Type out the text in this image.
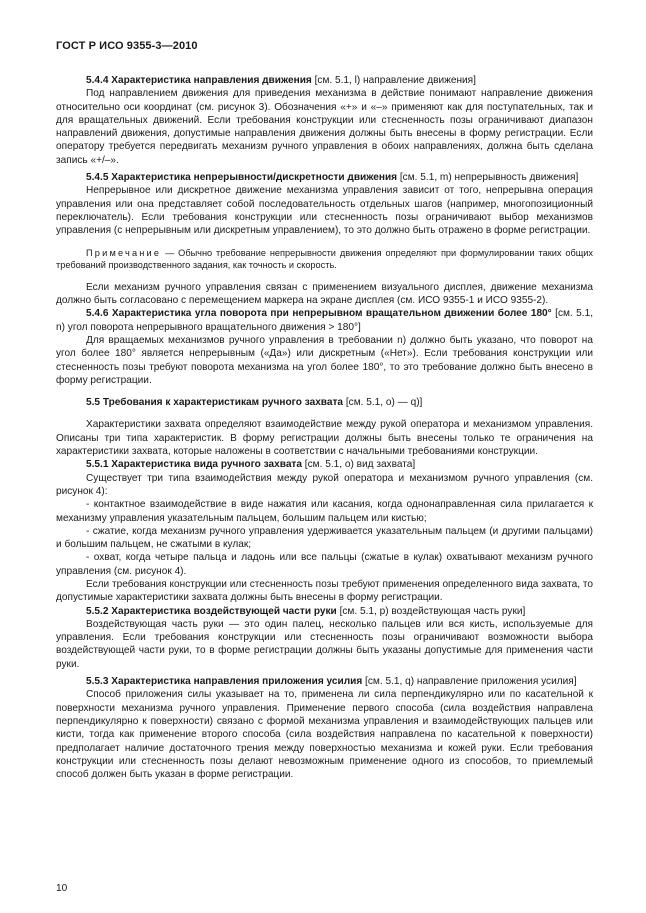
ГОСТ Р ИСО 9355-3—2010

5.4.4 Характеристика направления движения [см. 5.1, l) направление движения]

Под направлением движения для приведения механизма в действие понимают направление движения относительно оси координат (см. рисунок 3). Обозначения «+» и «–» применяют как для поступательных, так и для вращательных движений. Если требования конструкции или стесненность позы ограничивают диапазон направлений движения, допустимые направления движения должны быть внесены в форму регистрации. Если оператору требуется передвигать механизм ручного управления в обоих направлениях, должна быть сделана запись «+/–».

5.4.5 Характеристика непрерывности/дискретности движения [см. 5.1, m) непрерывность движения]

Непрерывное или дискретное движение механизма управления зависит от того, непрерывна операция управления или она представляет собой последовательность отдельных шагов (например, многопозиционный переключатель). Если требования конструкции или стесненность позы ограничивают выбор механизмов управления (с непрерывным или дискретным управлением), то это должно быть отражено в форме регистрации.

Примечание — Обычно требование непрерывности движения определяют при формулировании таких общих требований производственного задания, как точность и скорость.

Если механизм ручного управления связан с применением визуального дисплея, движение механизма должно быть согласовано с перемещением маркера на экране дисплея (см. ИСО 9355-1 и ИСО 9355-2).

5.4.6 Характеристика угла поворота при непрерывном вращательном движении более 180° [см. 5.1, n) угол поворота непрерывного вращательного движения > 180°]

Для вращаемых механизмов ручного управления в требовании n) должно быть указано, что поворот на угол более 180° является непрерывным («Да») или дискретным («Нет»). Если требования конструкции или стесненность позы требуют поворота механизма на угол более 180°, то это требование должно быть внесено в форму регистрации.

5.5 Требования к характеристикам ручного захвата [см. 5.1, о) — q)]

Характеристики захвата определяют взаимодействие между рукой оператора и механизмом управления. Описаны три типа характеристик. В форму регистрации должны быть внесены только те ограничения на характеристики захвата, которые наложены в соответствии с начальными требованиями конструкции.

5.5.1 Характеристика вида ручного захвата [см. 5.1, о) вид захвата]

Существует три типа взаимодействия между рукой оператора и механизмом ручного управления (см. рисунок 4):

- контактное взаимодействие в виде нажатия или касания, когда однонаправленная сила прилагается к механизму управления указательным пальцем, большим пальцем или кистью;

- сжатие, когда механизм ручного управления удерживается указательным пальцем (и другими пальцами) и большим пальцем, не сжатыми в кулак;

- охват, когда четыре пальца и ладонь или все пальцы (сжатые в кулак) охватывают механизм ручного управления (см. рисунок 4).

Если требования конструкции или стесненность позы требуют применения определенного вида захвата, то допустимые характеристики захвата должны быть внесены в форму регистрации.

5.5.2 Характеристика воздействующей части руки [см. 5.1, р) воздействующая часть руки]

Воздействующая часть руки — это один палец, несколько пальцев или вся кисть, используемые для управления. Если требования конструкции или стесненность позы ограничивают возможности выбора воздействующей части руки, то в форме регистрации должны быть указаны допустимые для применения части руки.

5.5.3 Характеристика направления приложения усилия [см. 5.1, q) направление приложения усилия]

Способ приложения силы указывает на то, применена ли сила перпендикулярно или по касательной к поверхности механизма ручного управления. Применение первого способа (сила воздействия направлена перпендикулярно к поверхности) связано с формой механизма управления и взаимодействующих пальцев или кисти, тогда как применение второго способа (сила воздействия направлена по касательной к поверхности) предполагает наличие достаточного трения между поверхностью механизма и кожей руки. Если требования конструкции или стесненность позы делают невозможным применение одного из способов, то приемлемый способ должен быть указан в форме регистрации.

10
